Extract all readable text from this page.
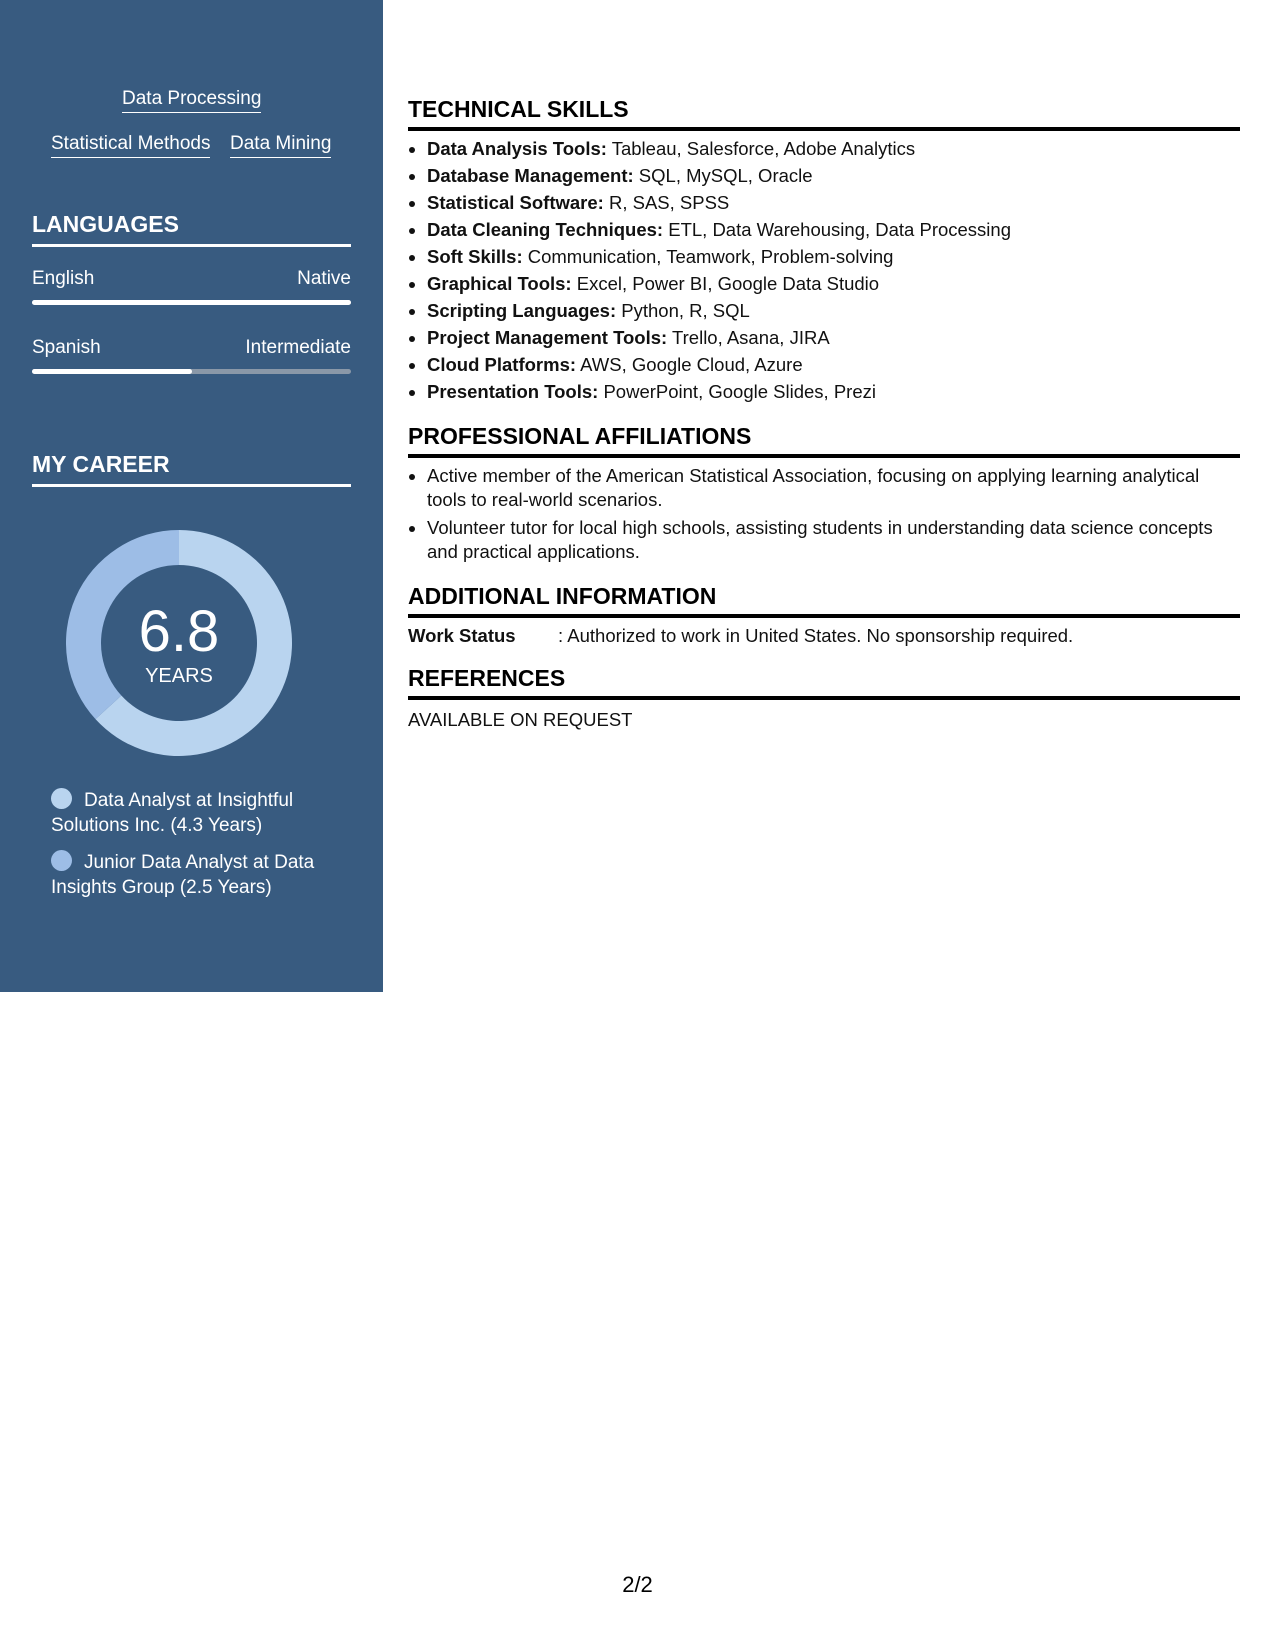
Data Processing
Statistical Methods Data Mining
LANGUAGES
English	Native
Spanish	Intermediate
MY CAREER
6.8
YEARS
Data Analyst at Insightful Solutions Inc. (4.3 Years)
Junior Data Analyst at Data Insights Group (2.5 Years)
TECHNICAL SKILLS
• Data Analysis Tools: Tableau, Salesforce, Adobe Analytics
• Database Management: SQL, MySQL, Oracle
• Statistical Software: R, SAS, SPSS
• Data Cleaning Techniques: ETL, Data Warehousing, Data Processing
• Soft Skills: Communication, Teamwork, Problem-solving
• Graphical Tools: Excel, Power BI, Google Data Studio
• Scripting Languages: Python, R, SQL
• Project Management Tools: Trello, Asana, JIRA
• Cloud Platforms: AWS, Google Cloud, Azure
• Presentation Tools: PowerPoint, Google Slides, Prezi
PROFESSIONAL AFFILIATIONS
• Active member of the American Statistical Association, focusing on applying learning analytical tools to real-world scenarios.
• Volunteer tutor for local high schools, assisting students in understanding data science concepts and practical applications.
ADDITIONAL INFORMATION
Work Status : Authorized to work in United States. No sponsorship required.
REFERENCES
AVAILABLE ON REQUEST
2/2
